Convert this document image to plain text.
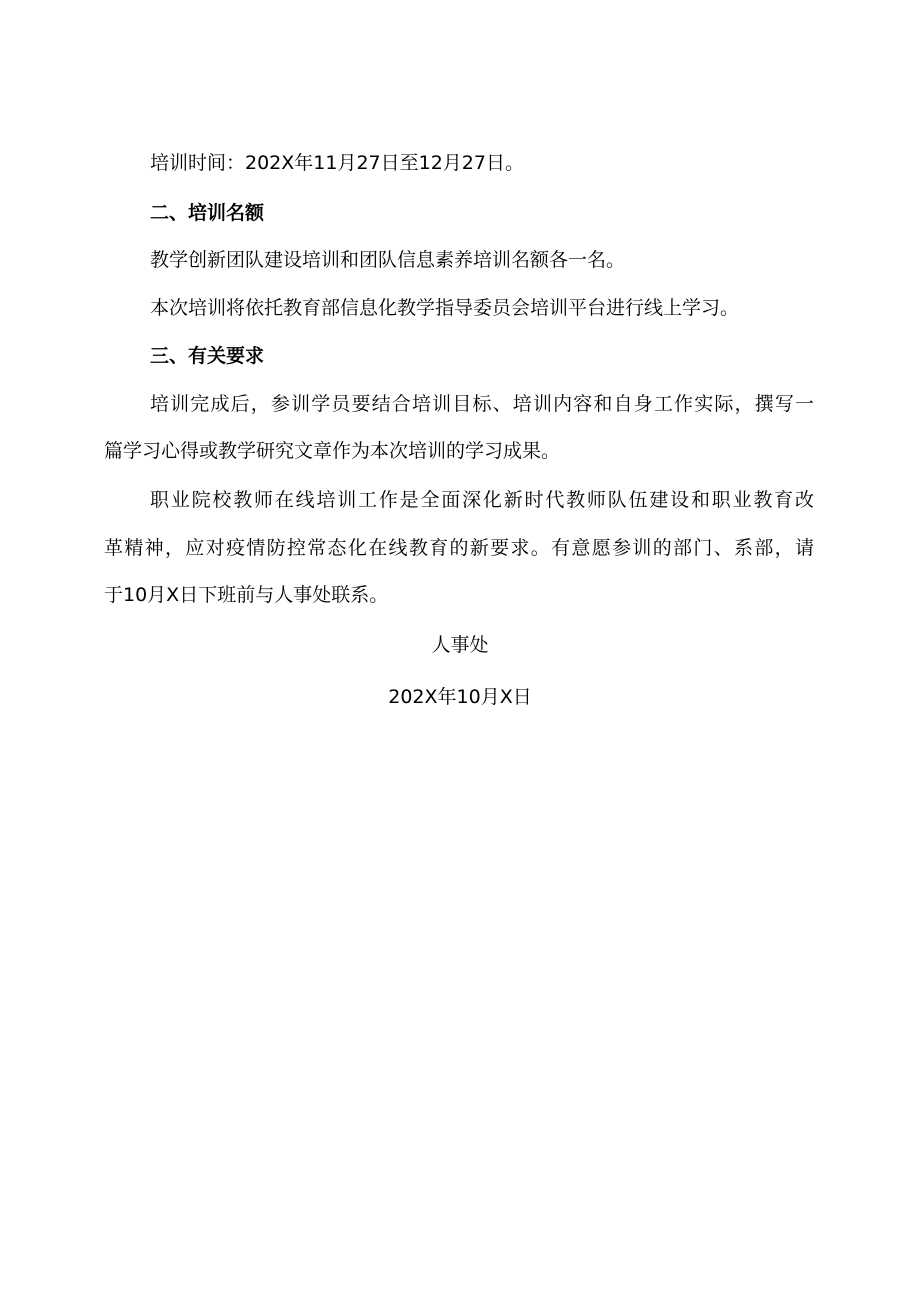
培训时间：202X年11月27日至12月27日。
二、培训名额
教学创新团队建设培训和团队信息素养培训名额各一名。
本次培训将依托教育部信息化教学指导委员会培训平台进行线上学习。
三、有关要求
培训完成后，参训学员要结合培训目标、培训内容和自身工作实际，撰写一
篇学习心得或教学研究文章作为本次培训的学习成果。
职业院校教师在线培训工作是全面深化新时代教师队伍建设和职业教育改
革精神，应对疫情防控常态化在线教育的新要求。有意愿参训的部门、系部，请
于10月X日下班前与人事处联系。
人事处
202X年10月X日
